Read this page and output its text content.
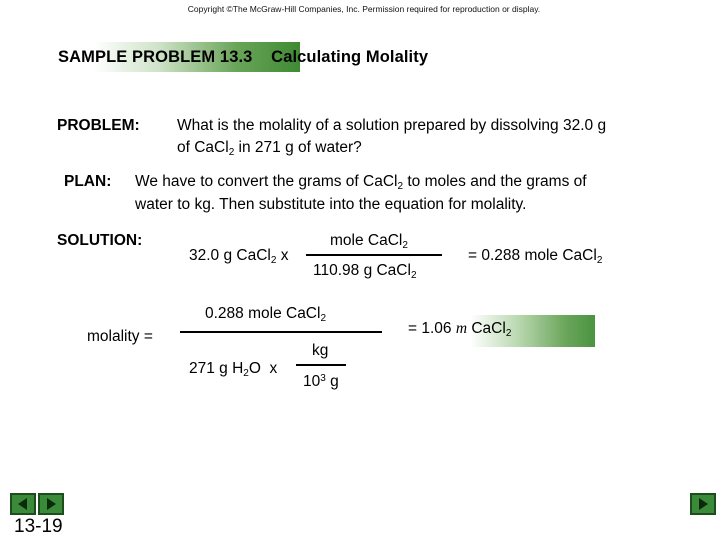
Copyright ©The McGraw-Hill Companies, Inc. Permission required for reproduction or display.
SAMPLE PROBLEM 13.3    Calculating Molality
PROBLEM: What is the molality of a solution prepared by dissolving 32.0 g
of CaCl$_2$ in 271 g of water?
PLAN: We have to convert the grams of CaCl$_2$ to moles and the grams of
water to kg. Then substitute into the equation for molality.
SOLUTION:
32.0 g CaCl$_2$ x
mole CaCl$_2$
110.98 g CaCl$_2$
= 0.288 mole CaCl$_2$
molality =
0.288 mole CaCl$_2$
271 g $H_2O$ x
kg
$10^3$ g
= 1.06 m CaCl$_2$
13-19
